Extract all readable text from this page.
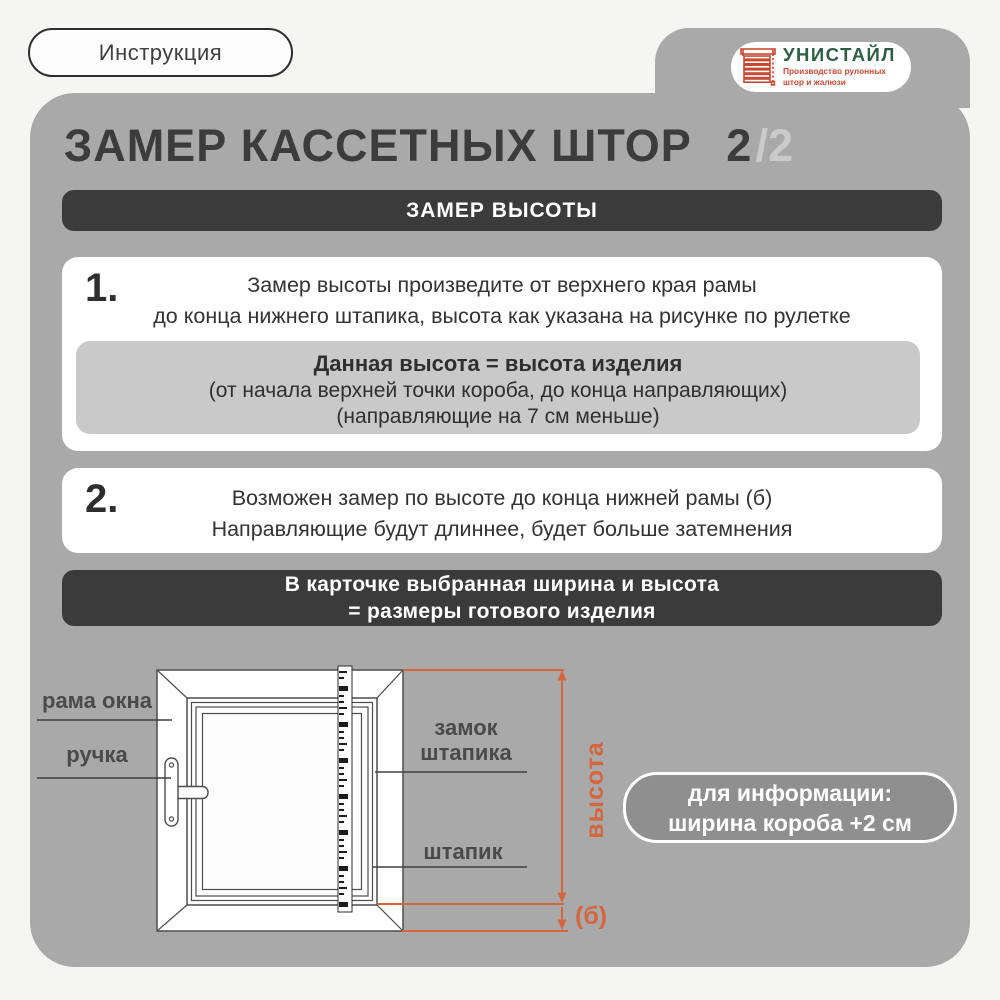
Инструкция	УНИСТАЙЛ
Производство рулонных
штор и жалюзи
ЗАМЕР КАССЕТНЫХ ШТОР 2 /2
ЗАМЕР ВЫСОТЫ
1.	Замер высоты произведите от верхнего края рамы
до конца нижнего штапика, высота как указана на рисунке по рулетке
Данная высота = высота изделия
(от начала верхней точки короба, до конца направляющих)
(направляющие на 7 см меньше)
2.	Возможен замер по высоте до конца нижней рамы (б)
Направляющие будут длиннее, будет больше затемнения
В карточке выбранная ширина и высота
= размеры готового изделия
рама окна
ручка
замок
штапика
штапик
высота
(б)
для информации:
ширина короба +2 см
